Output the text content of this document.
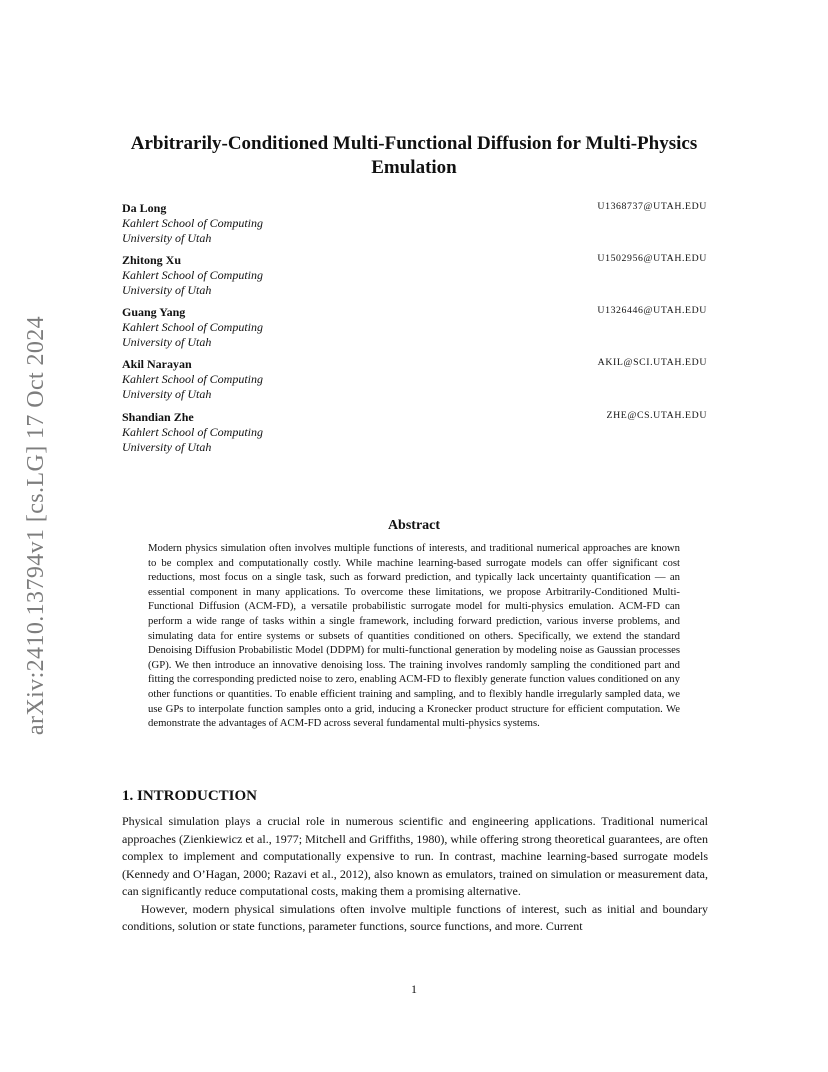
arXiv:2410.13794v1 [cs.LG] 17 Oct 2024
Arbitrarily-Conditioned Multi-Functional Diffusion for Multi-Physics
Emulation
Da Long	U1368737@UTAH.EDU
Kahlert School of Computing
University of Utah
Zhitong Xu	U1502956@UTAH.EDU
Kahlert School of Computing
University of Utah
Guang Yang	U1326446@UTAH.EDU
Kahlert School of Computing
University of Utah
Akil Narayan	AKIL@SCI.UTAH.EDU
Kahlert School of Computing
University of Utah
Shandian Zhe	ZHE@CS.UTAH.EDU
Kahlert School of Computing
University of Utah
Abstract
Modern physics simulation often involves multiple functions of interests, and traditional numerical approaches are known to be complex and computationally costly. While machine learning-based surrogate models can offer significant cost reductions, most focus on a single task, such as forward prediction, and typically lack uncertainty quantification — an essential component in many applications. To overcome these limitations, we propose Arbitrarily-Conditioned Multi-Functional Diffusion (ACM-FD), a versatile probabilistic surrogate model for multi-physics emulation. ACM-FD can perform a wide range of tasks within a single framework, including forward prediction, various inverse problems, and simulating data for entire systems or subsets of quantities conditioned on others. Specifically, we extend the standard Denoising Diffusion Probabilistic Model (DDPM) for multi-functional generation by modeling noise as Gaussian processes (GP). We then introduce an innovative denoising loss. The training involves randomly sampling the conditioned part and fitting the corresponding predicted noise to zero, enabling ACM-FD to flexibly generate function values conditioned on any other functions or quantities. To enable efficient training and sampling, and to flexibly handle irregularly sampled data, we use GPs to interpolate function samples onto a grid, inducing a Kronecker product structure for efficient computation. We demonstrate the advantages of ACM-FD across several fundamental multi-physics systems.
1. INTRODUCTION

Physical simulation plays a crucial role in numerous scientific and engineering applications. Traditional numerical approaches (Zienkiewicz et al., 1977; Mitchell and Griffiths, 1980), while offering strong theoretical guarantees, are often complex to implement and computationally expensive to run. In contrast, machine learning-based surrogate models (Kennedy and O’Hagan, 2000; Razavi et al., 2012), also known as emulators, trained on simulation or measurement data, can significantly reduce computational costs, making them a promising alternative.

However, modern physical simulations often involve multiple functions of interest, such as initial and boundary conditions, solution or state functions, parameter functions, source functions, and more. Current

1
